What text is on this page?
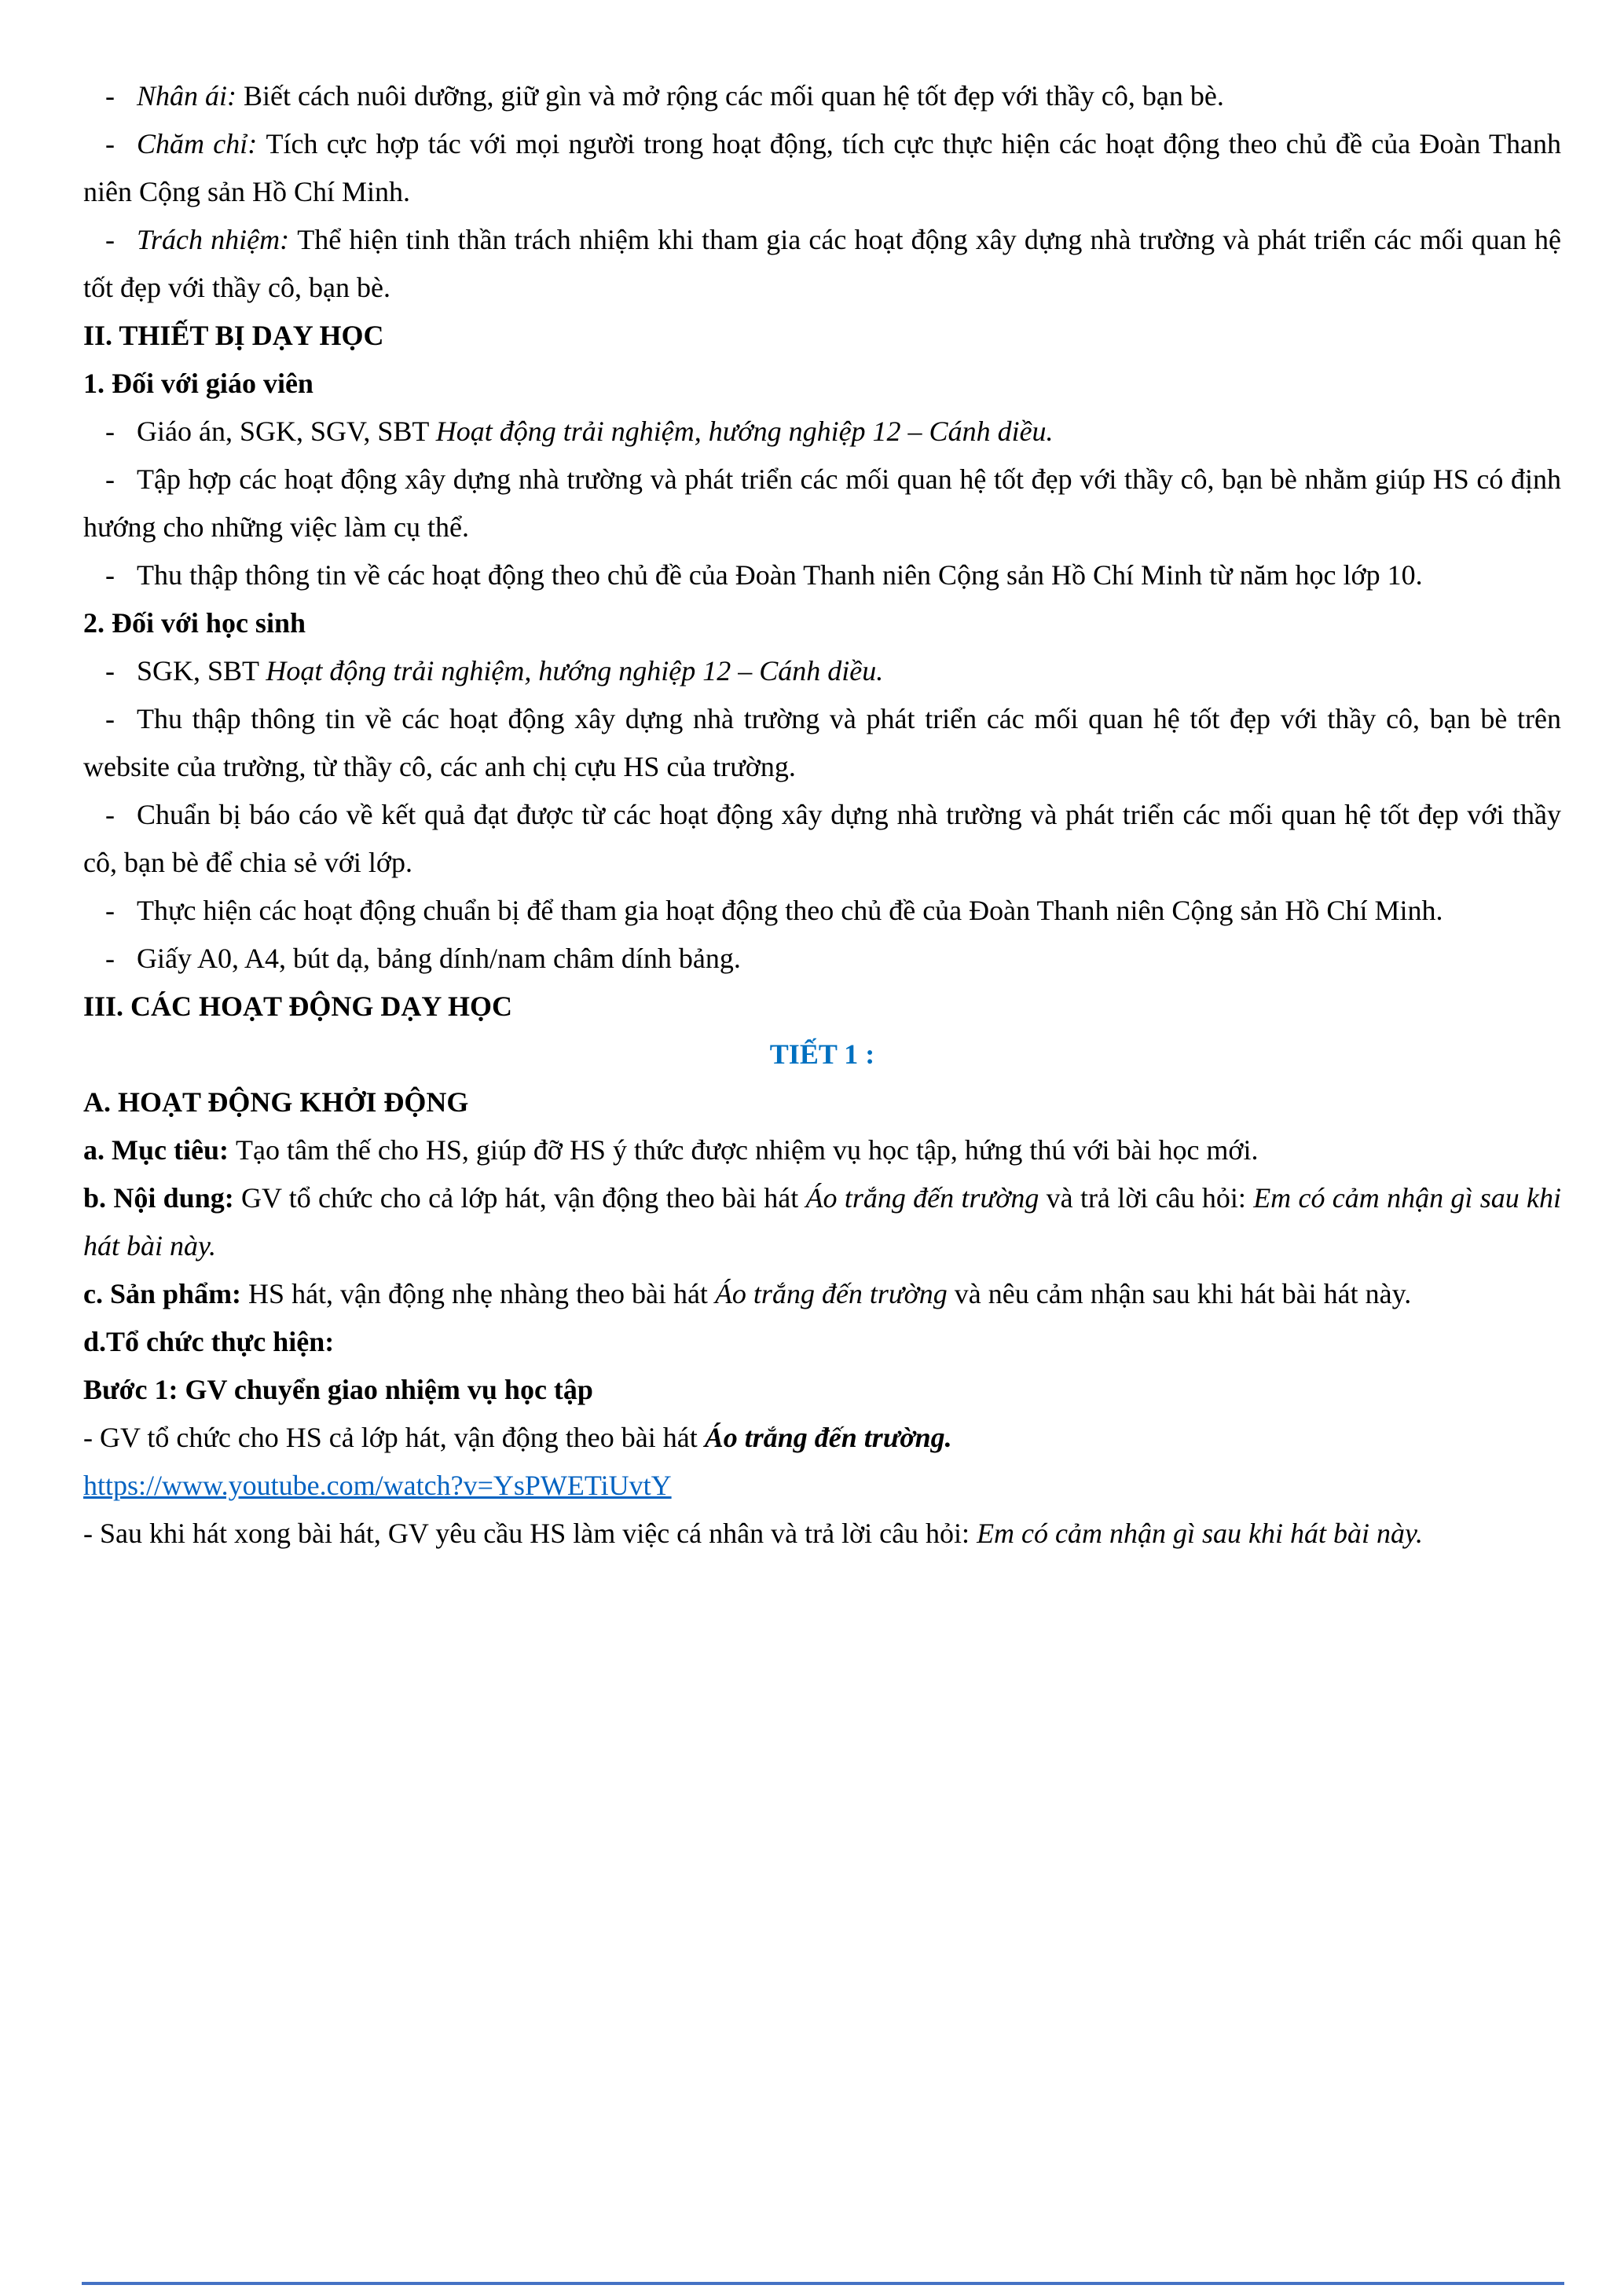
- Nhân ái: Biết cách nuôi dưỡng, giữ gìn và mở rộng các mối quan hệ tốt đẹp với thầy cô, bạn bè.
- Chăm chỉ: Tích cực hợp tác với mọi người trong hoạt động, tích cực thực hiện các hoạt động theo chủ đề của Đoàn Thanh niên Cộng sản Hồ Chí Minh.
- Trách nhiệm: Thể hiện tinh thần trách nhiệm khi tham gia các hoạt động xây dựng nhà trường và phát triển các mối quan hệ tốt đẹp với thầy cô, bạn bè.
II. THIẾT BỊ DẠY HỌC
1. Đối với giáo viên
- Giáo án, SGK, SGV, SBT Hoạt động trải nghiệm, hướng nghiệp 12 – Cánh diều.
- Tập hợp các hoạt động xây dựng nhà trường và phát triển các mối quan hệ tốt đẹp với thầy cô, bạn bè nhằm giúp HS có định hướng cho những việc làm cụ thể.
- Thu thập thông tin về các hoạt động theo chủ đề của Đoàn Thanh niên Cộng sản Hồ Chí Minh từ năm học lớp 10.
2. Đối với học sinh
- SGK, SBT Hoạt động trải nghiệm, hướng nghiệp 12 – Cánh diều.
- Thu thập thông tin về các hoạt động xây dựng nhà trường và phát triển các mối quan hệ tốt đẹp với thầy cô, bạn bè trên website của trường, từ thầy cô, các anh chị cựu HS của trường.
- Chuẩn bị báo cáo về kết quả đạt được từ các hoạt động xây dựng nhà trường và phát triển các mối quan hệ tốt đẹp với thầy cô, bạn bè để chia sẻ với lớp.
- Thực hiện các hoạt động chuẩn bị để tham gia hoạt động theo chủ đề của Đoàn Thanh niên Cộng sản Hồ Chí Minh.
- Giấy A0, A4, bút dạ, bảng dính/nam châm dính bảng.
III. CÁC HOẠT ĐỘNG DẠY HỌC
TIẾT 1 :
A. HOẠT ĐỘNG KHỞI ĐỘNG
a. Mục tiêu: Tạo tâm thế cho HS, giúp đỡ HS ý thức được nhiệm vụ học tập, hứng thú với bài học mới.
b. Nội dung: GV tổ chức cho cả lớp hát, vận động theo bài hát Áo trắng đến trường và trả lời câu hỏi: Em có cảm nhận gì sau khi hát bài này.
c. Sản phẩm: HS hát, vận động nhẹ nhàng theo bài hát Áo trắng đến trường và nêu cảm nhận sau khi hát bài hát này.
d.Tổ chức thực hiện:
Bước 1: GV chuyển giao nhiệm vụ học tập
- GV tổ chức cho HS cả lớp hát, vận động theo bài hát Áo trắng đến trường.
https://www.youtube.com/watch?v=YsPWETiUvtY
- Sau khi hát xong bài hát, GV yêu cầu HS làm việc cá nhân và trả lời câu hỏi: Em có cảm nhận gì sau khi hát bài này.
